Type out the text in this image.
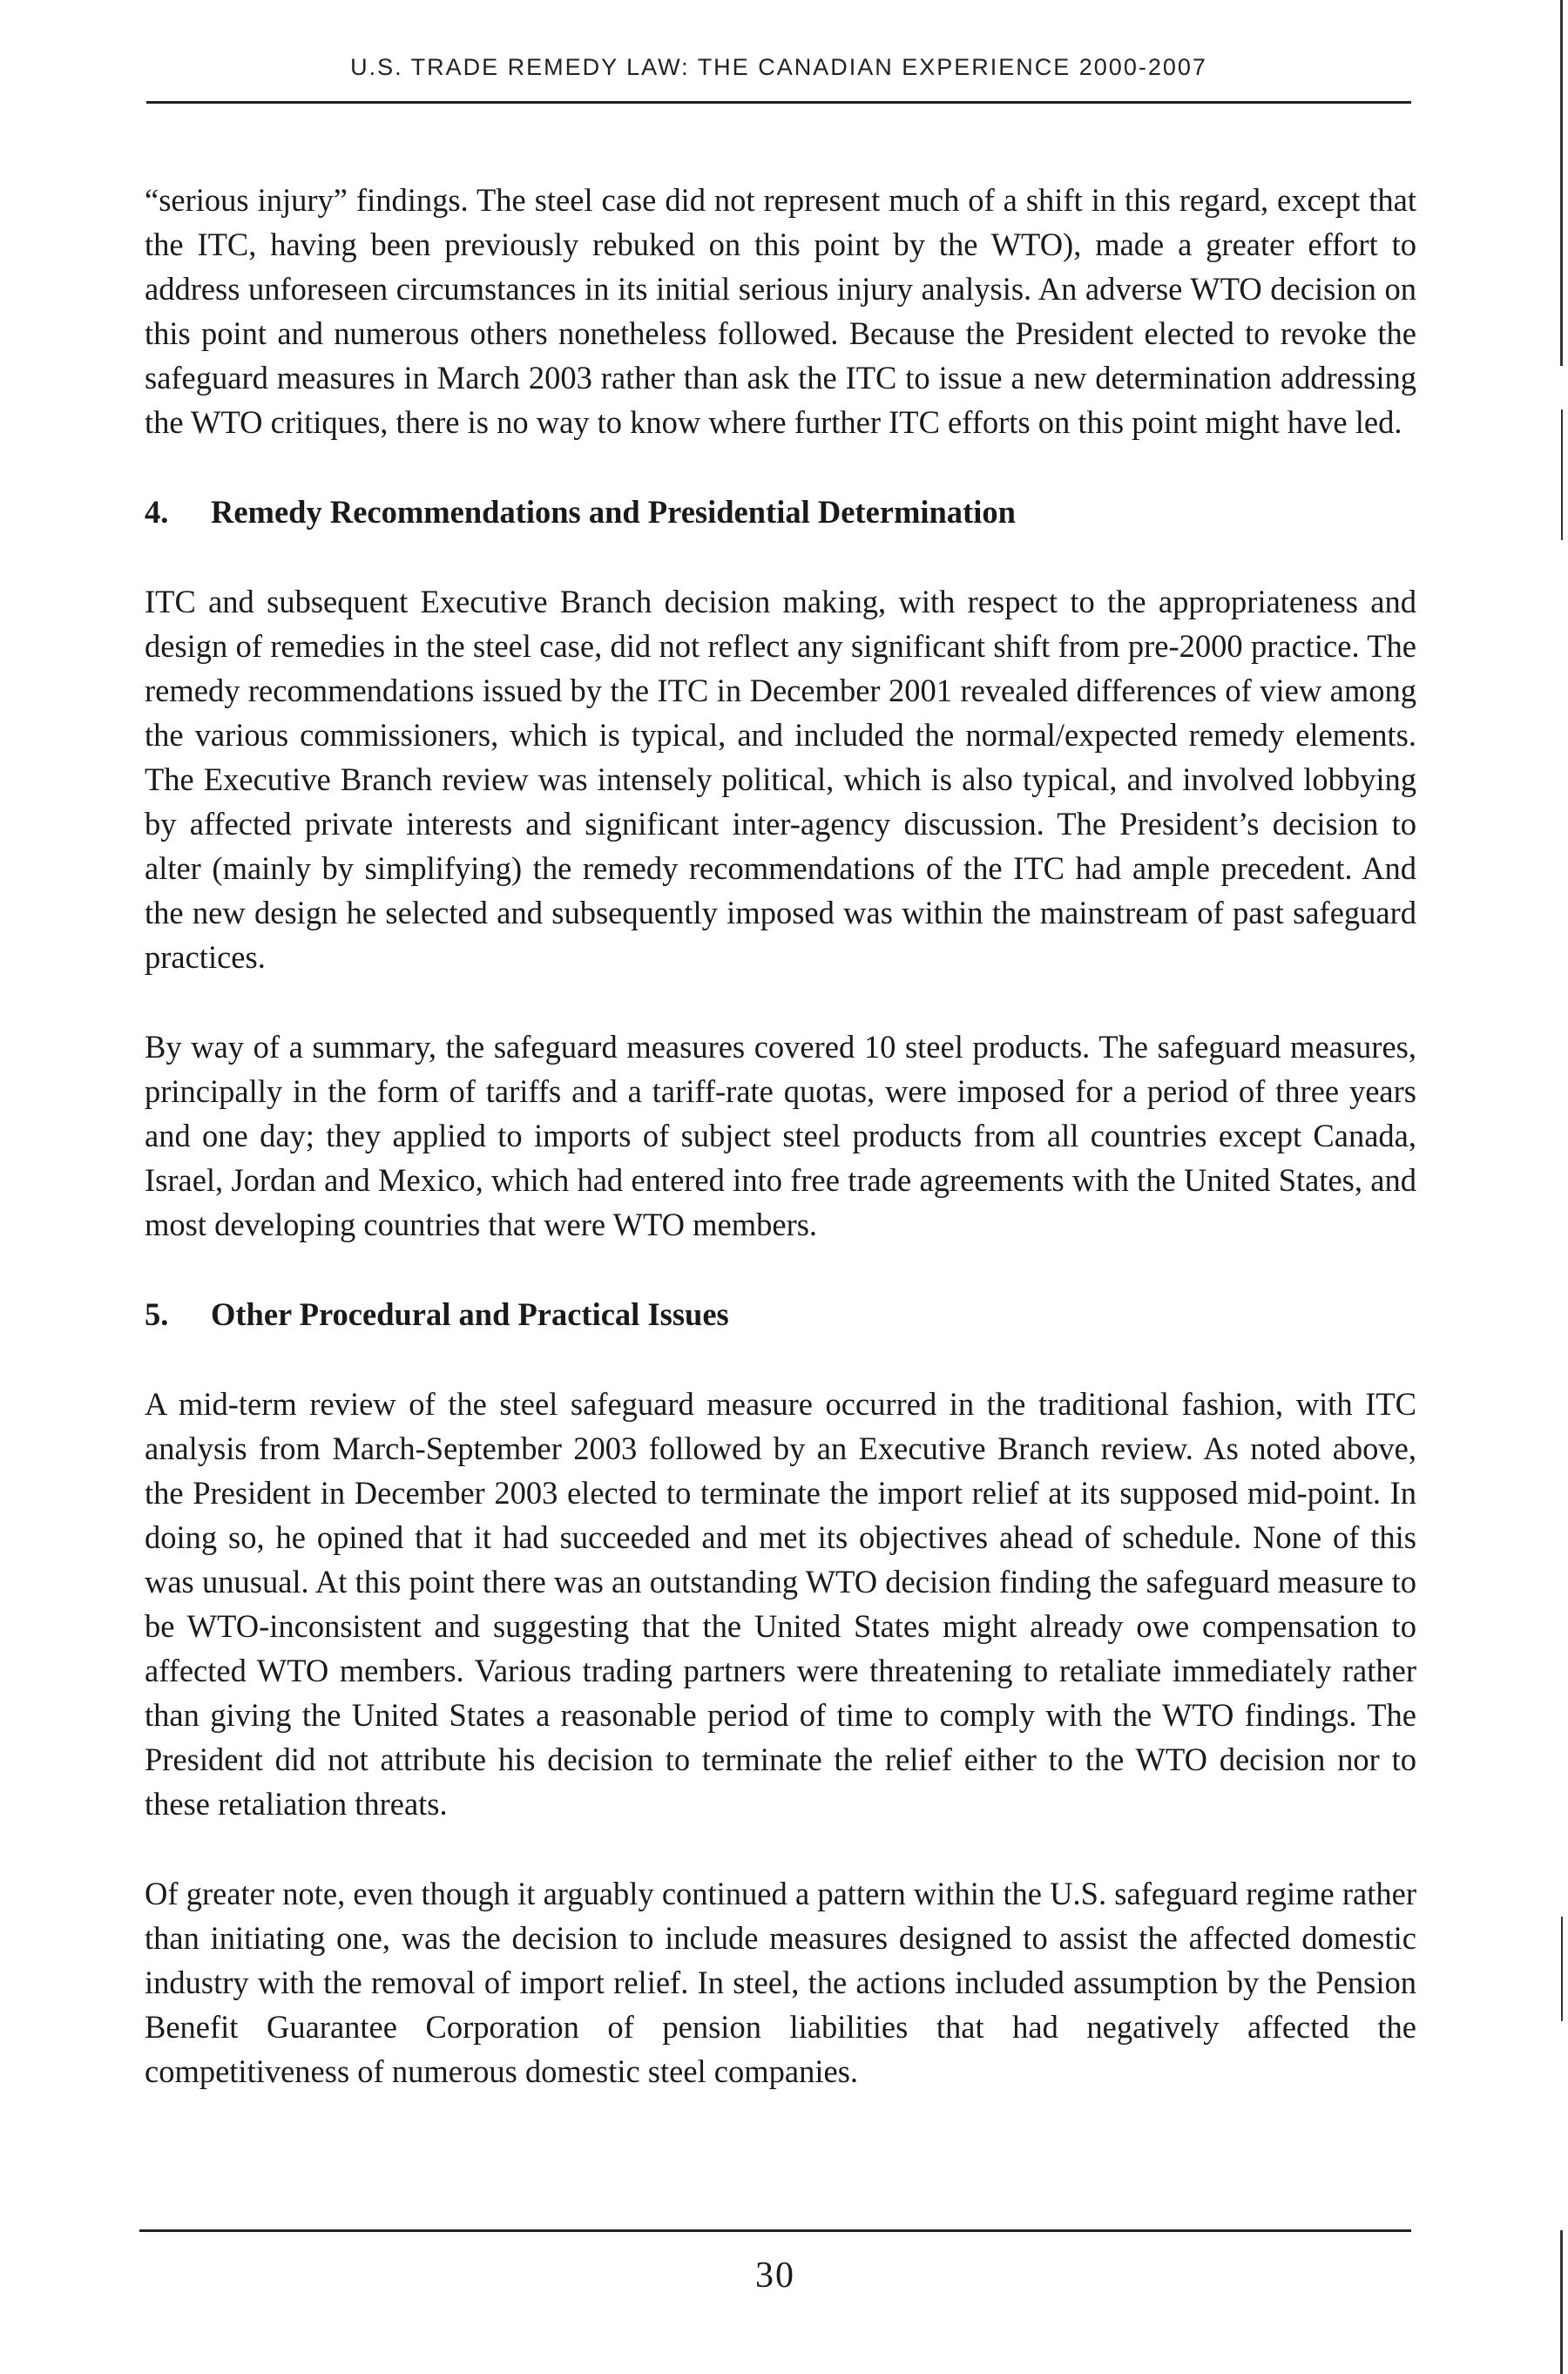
U.S. TRADE REMEDY LAW: THE CANADIAN EXPERIENCE 2000-2007

“serious injury” findings. The steel case did not represent much of a shift in this regard, except that the ITC, having been previously rebuked on this point by the WTO), made a greater effort to address unforeseen circumstances in its initial serious injury analysis. An adverse WTO decision on this point and numerous others nonetheless followed. Because the President elected to revoke the safeguard measures in March 2003 rather than ask the ITC to issue a new determination addressing the WTO critiques, there is no way to know where further ITC efforts on this point might have led.

4. Remedy Recommendations and Presidential Determination

ITC and subsequent Executive Branch decision making, with respect to the appropriateness and design of remedies in the steel case, did not reflect any significant shift from pre-2000 practice. The remedy recommendations issued by the ITC in December 2001 revealed differences of view among the various commissioners, which is typical, and included the normal/expected remedy elements. The Executive Branch review was intensely political, which is also typical, and involved lobbying by affected private interests and significant inter-agency discussion. The President’s decision to alter (mainly by simplifying) the remedy recommendations of the ITC had ample precedent. And the new design he selected and subsequently imposed was within the mainstream of past safeguard practices.

By way of a summary, the safeguard measures covered 10 steel products. The safeguard measures, principally in the form of tariffs and a tariff-rate quotas, were imposed for a period of three years and one day; they applied to imports of subject steel products from all countries except Canada, Israel, Jordan and Mexico, which had entered into free trade agreements with the United States, and most developing countries that were WTO members.

5. Other Procedural and Practical Issues

A mid-term review of the steel safeguard measure occurred in the traditional fashion, with ITC analysis from March-September 2003 followed by an Executive Branch review. As noted above, the President in December 2003 elected to terminate the import relief at its supposed mid-point. In doing so, he opined that it had succeeded and met its objectives ahead of schedule. None of this was unusual. At this point there was an outstanding WTO decision finding the safeguard measure to be WTO-inconsistent and suggesting that the United States might already owe compensation to affected WTO members. Various trading partners were threatening to retaliate immediately rather than giving the United States a reasonable period of time to comply with the WTO findings. The President did not attribute his decision to terminate the relief either to the WTO decision nor to these retaliation threats.

Of greater note, even though it arguably continued a pattern within the U.S. safeguard regime rather than initiating one, was the decision to include measures designed to assist the affected domestic industry with the removal of import relief. In steel, the actions included assumption by the Pension Benefit Guarantee Corporation of pension liabilities that had negatively affected the competitiveness of numerous domestic steel companies.

30
